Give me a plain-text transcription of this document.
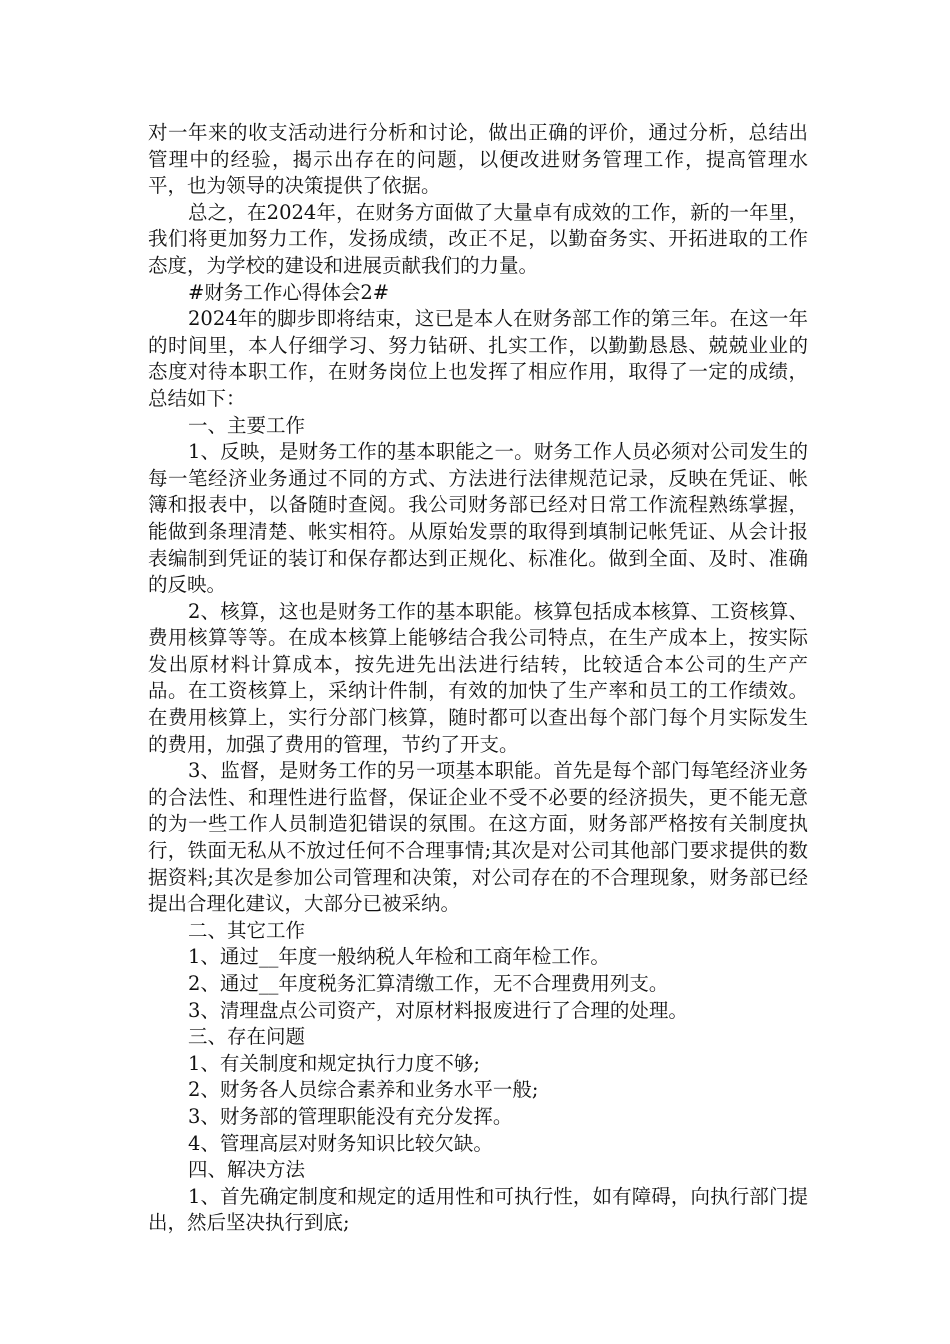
对一年来的收支活动进行分析和讨论，做出正确的评价，通过分析，总结出管理中的经验，揭示出存在的问题，以便改进财务管理工作，提高管理水平，也为领导的决策提供了依据。

总之，在2024年，在财务方面做了大量卓有成效的工作，新的一年里，我们将更加努力工作，发扬成绩，改正不足，以勤奋务实、开拓进取的工作态度，为学校的建设和进展贡献我们的力量。

#财务工作心得体会2#

2024年的脚步即将结束，这已是本人在财务部工作的第三年。在这一年的时间里，本人仔细学习、努力钻研、扎实工作，以勤勤恳恳、兢兢业业的态度对待本职工作，在财务岗位上也发挥了相应作用，取得了一定的成绩，总结如下：

一、主要工作

1、反映，是财务工作的基本职能之一。财务工作人员必须对公司发生的每一笔经济业务通过不同的方式、方法进行法律规范记录，反映在凭证、帐簿和报表中，以备随时查阅。我公司财务部已经对日常工作流程熟练掌握，能做到条理清楚、帐实相符。从原始发票的取得到填制记帐凭证、从会计报表编制到凭证的装订和保存都达到正规化、标准化。做到全面、及时、准确的反映。

2、核算，这也是财务工作的基本职能。核算包括成本核算、工资核算、费用核算等等。在成本核算上能够结合我公司特点，在生产成本上，按实际发出原材料计算成本，按先进先出法进行结转，比较适合本公司的生产产品。在工资核算上，采纳计件制，有效的加快了生产率和员工的工作绩效。在费用核算上，实行分部门核算，随时都可以查出每个部门每个月实际发生的费用，加强了费用的管理，节约了开支。

3、监督，是财务工作的另一项基本职能。首先是每个部门每笔经济业务的合法性、和理性进行监督，保证企业不受不必要的经济损失，更不能无意的为一些工作人员制造犯错误的氛围。在这方面，财务部严格按有关制度执行，铁面无私从不放过任何不合理事情;其次是对公司其他部门要求提供的数据资料;其次是参加公司管理和决策，对公司存在的不合理现象，财务部已经提出合理化建议，大部分已被采纳。

二、其它工作

1、通过__年度一般纳税人年检和工商年检工作。

2、通过__年度税务汇算清缴工作，无不合理费用列支。

3、清理盘点公司资产，对原材料报废进行了合理的处理。

三、存在问题

1、有关制度和规定执行力度不够;

2、财务各人员综合素养和业务水平一般;

3、财务部的管理职能没有充分发挥。

4、管理高层对财务知识比较欠缺。

四、解决方法

1、首先确定制度和规定的适用性和可执行性，如有障碍，向执行部门提出，然后坚决执行到底;
